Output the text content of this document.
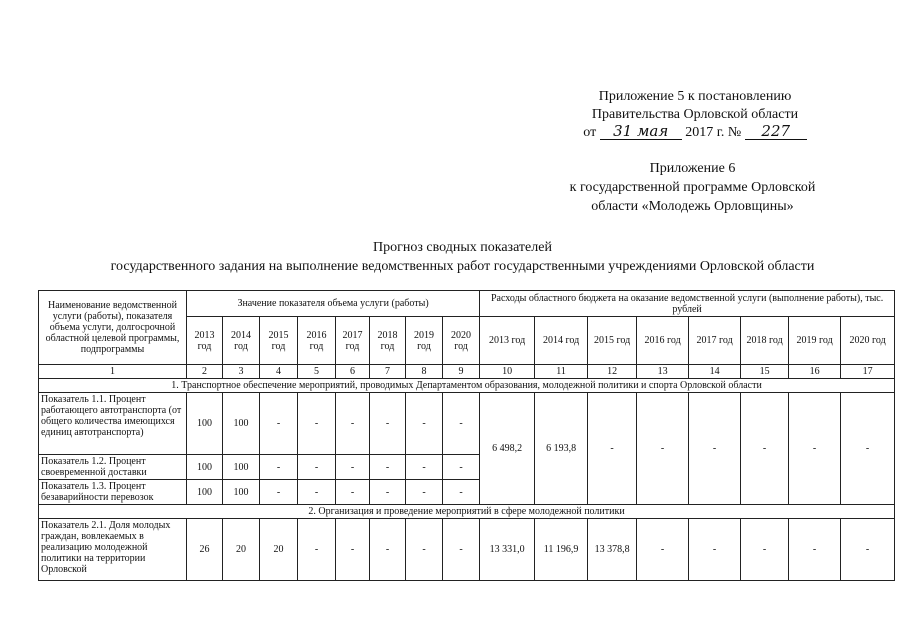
Приложение 5 к постановлению
Правительства Орловской области
от 31 мая 2017 г. № 227
Приложение 6
к государственной программе Орловской
области «Молодежь Орловщины»
Прогноз сводных показателей
государственного задания на выполнение ведомственных работ государственными учреждениями Орловской области
Наименование ведомственной услуги (работы), показателя объема услуги, долгосрочной областной целевой программы, подпрограммы	Значение показателя объема услуги (работы)								Расходы областного бюджета на оказание ведомственной услуги (выполнение работы), тыс. рублей							
	2013 год	2014 год	2015 год	2016 год	2017 год	2018 год	2019 год	2020 год	2013 год	2014 год	2015 год	2016 год	2017 год	2018 год	2019 год	2020 год
1	2	3	4	5	6	7	8	9	10	11	12	13	14	15	16	17
1. Транспортное обеспечение мероприятий, проводимых Департаментом образования, молодежной политики и спорта Орловской области																
Показатель 1.1. Процент работающего автотранспорта (от общего количества имеющихся единиц автотранспорта)	100	100	-	-	-	-	-	-	6 498,2	6 193,8	-	-	-	-	-	-
Показатель 1.2. Процент своевременной доставки	100	100	-	-	-	-	-	-								
Показатель 1.3. Процент безаварийности перевозок	100	100	-	-	-	-	-	-								
2. Организация и проведение мероприятий в сфере молодежной политики																
Показатель 2.1. Доля молодых граждан, вовлекаемых в реализацию молодежной политики на территории Орловской	26	20	20	-	-	-	-	-	13 331,0	11 196,9	13 378,8	-	-	-	-	-
